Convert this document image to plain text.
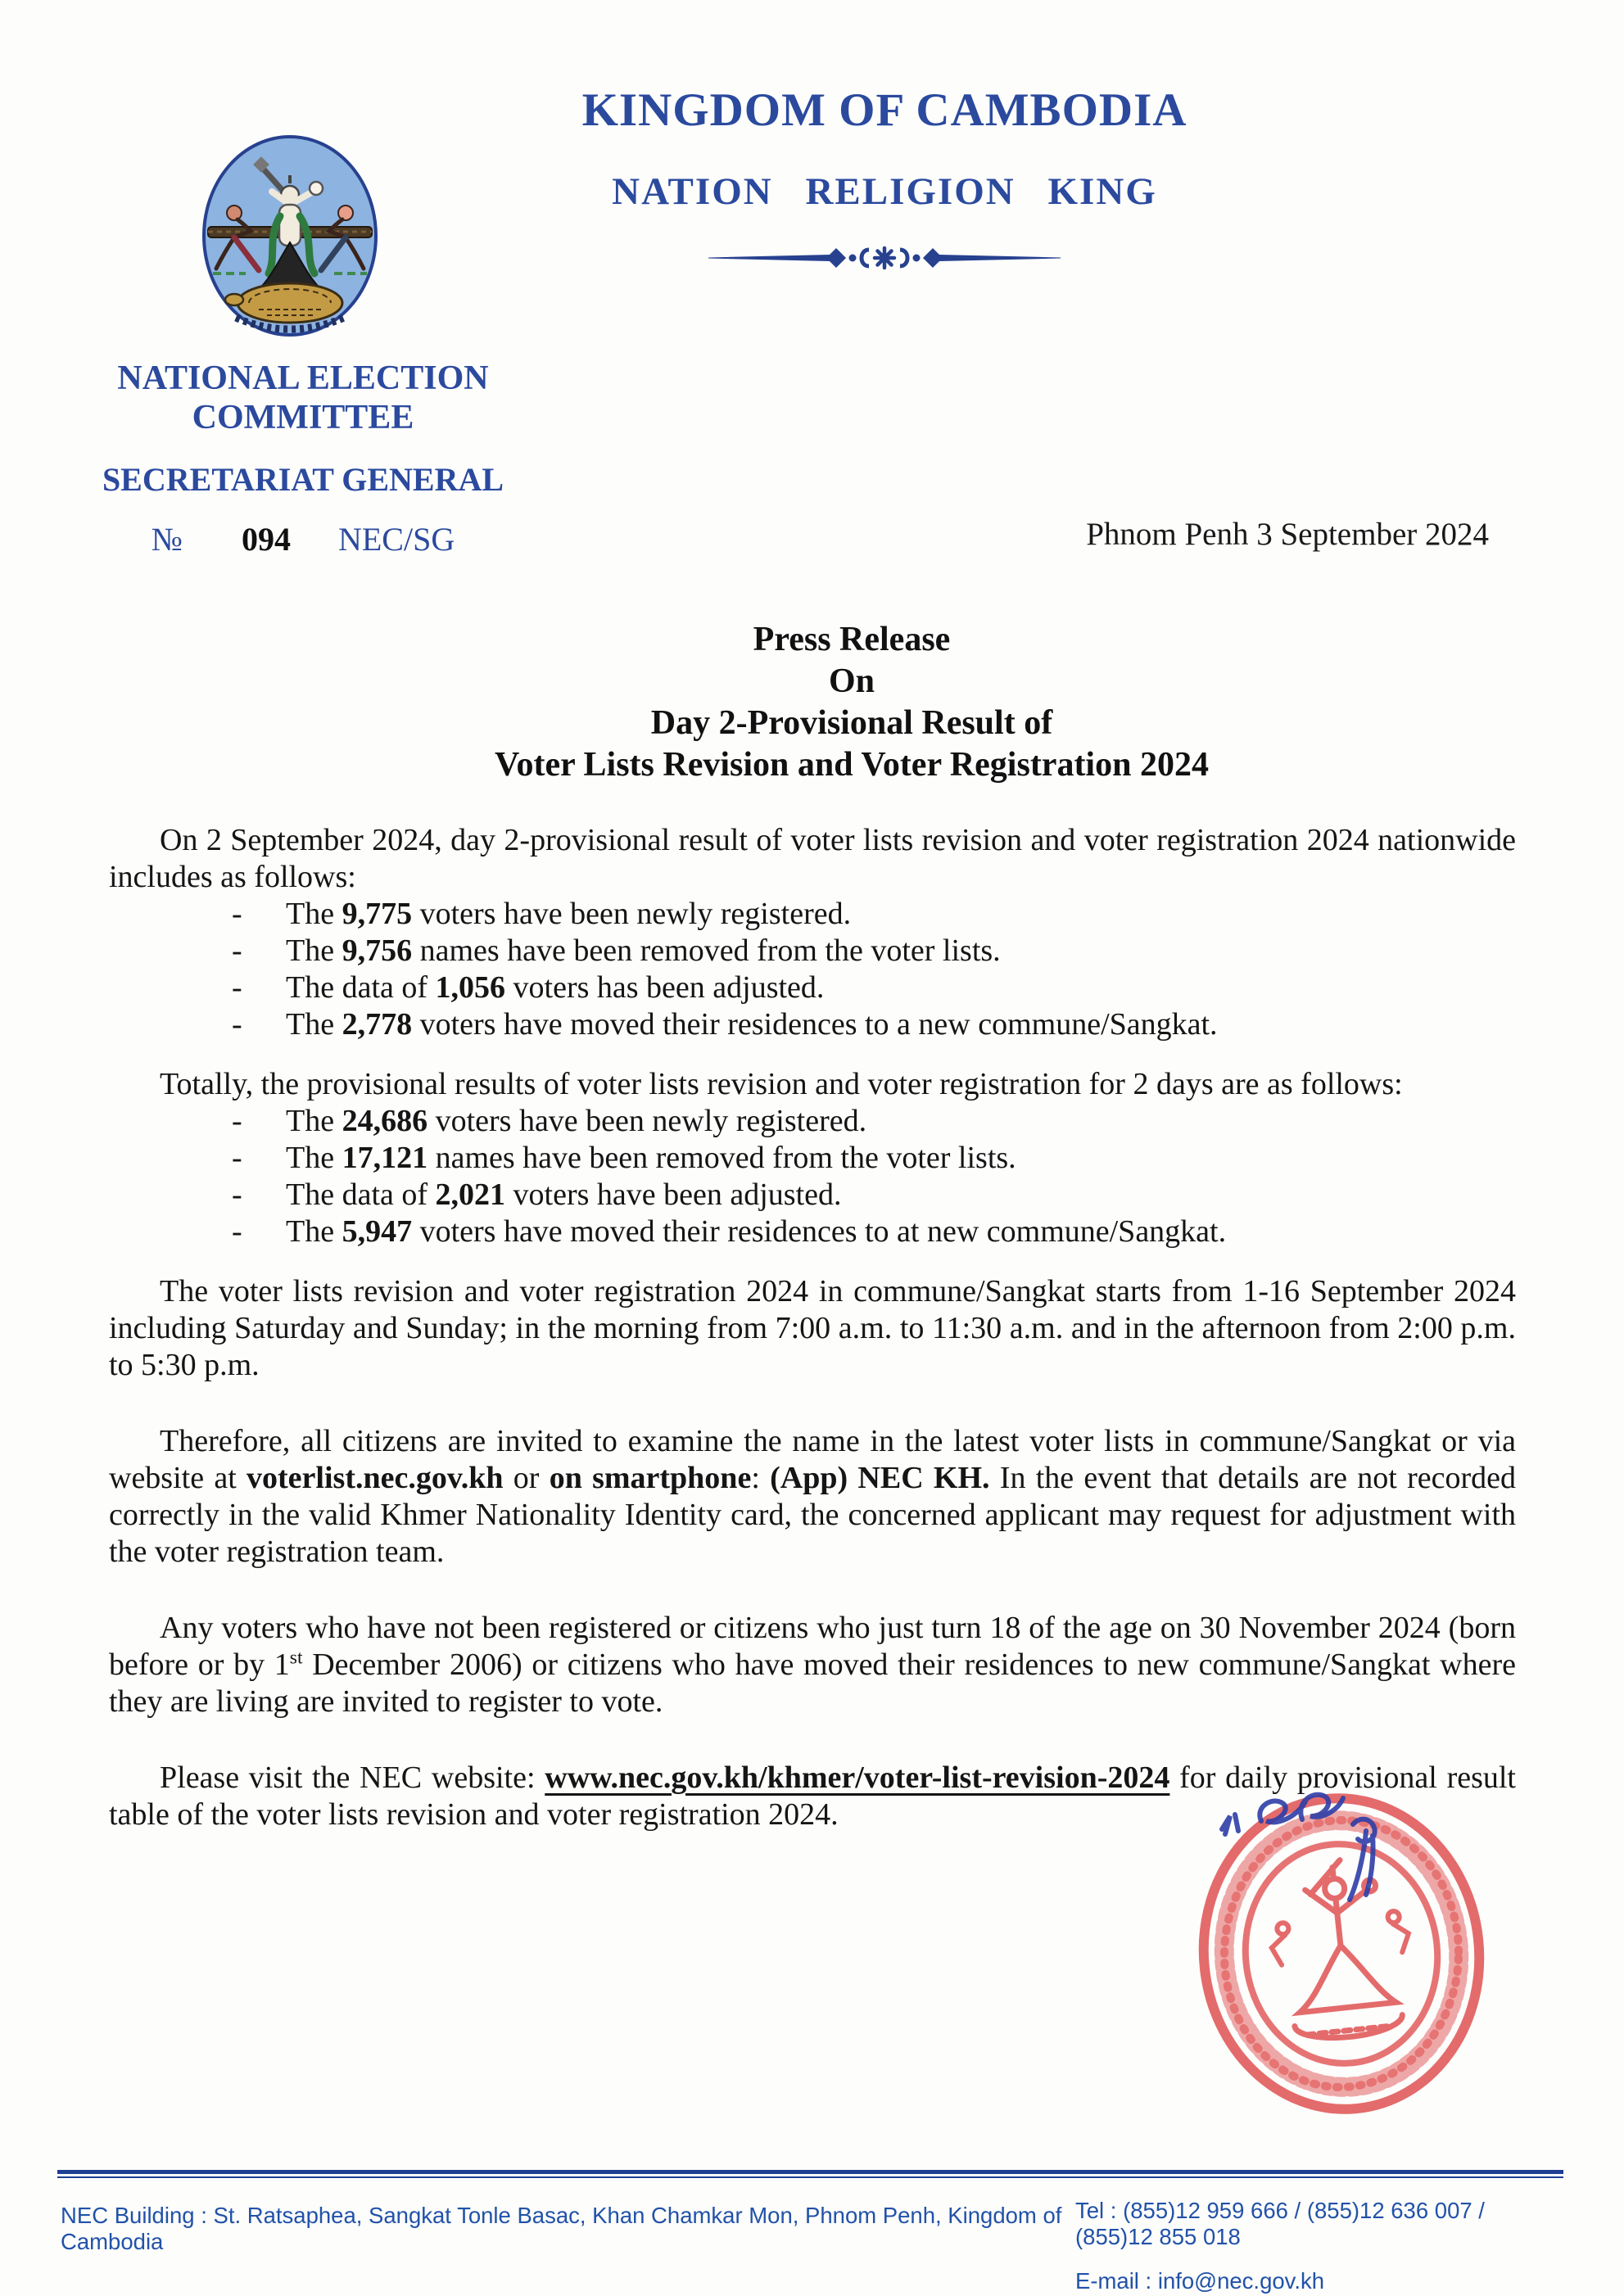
KINGDOM OF CAMBODIA
NATION RELIGION KING
NATIONAL ELECTION COMMITTEE
SECRETARIAT GENERAL
№ 094 NEC/SG	Phnom Penh 3 September 2024
Press Release
On
Day 2-Provisional Result of
Voter Lists Revision and Voter Registration 2024

On 2 September 2024, day 2-provisional result of voter lists revision and voter registration 2024 nationwide includes as follows:

-	The 9,775 voters have been newly registered.

-	The 9,756 names have been removed from the voter lists.

-	The data of 1,056 voters has been adjusted.

-	The 2,778 voters have moved their residences to a new commune/Sangkat.

Totally, the provisional results of voter lists revision and voter registration for 2 days are as follows:

-	The 24,686 voters have been newly registered.

-	The 17,121 names have been removed from the voter lists.

-	The data of 2,021 voters have been adjusted.

-	The 5,947 voters have moved their residences to at new commune/Sangkat.

The voter lists revision and voter registration 2024 in commune/Sangkat starts from 1-16 September 2024 including Saturday and Sunday; in the morning from 7:00 a.m. to 11:30 a.m. and in the afternoon from 2:00 p.m. to 5:30 p.m.

Therefore, all citizens are invited to examine the name in the latest voter lists in commune/Sangkat or via website at voterlist.nec.gov.kh or on smartphone: (App) NEC KH. In the event that details are not recorded correctly in the valid Khmer Nationality Identity card, the concerned applicant may request for adjustment with the voter registration team.

Any voters who have not been registered or citizens who just turn 18 of the age on 30 November 2024 (born before or by 1st December 2006) or citizens who have moved their residences to new commune/Sangkat where they are living are invited to register to vote.

Please visit the NEC website: www.nec.gov.kh/khmer/voter-list-revision-2024 for daily provisional result table of the voter lists revision and voter registration 2024.

NEC Building : St. Ratsaphea, Sangkat Tonle Basac, Khan Chamkar Mon, Phnom Penh, Kingdom of Cambodia
Tel : (855)12 959 666 / (855)12 636 007 / (855)12 855 018
E-mail : info@nec.gov.kh
